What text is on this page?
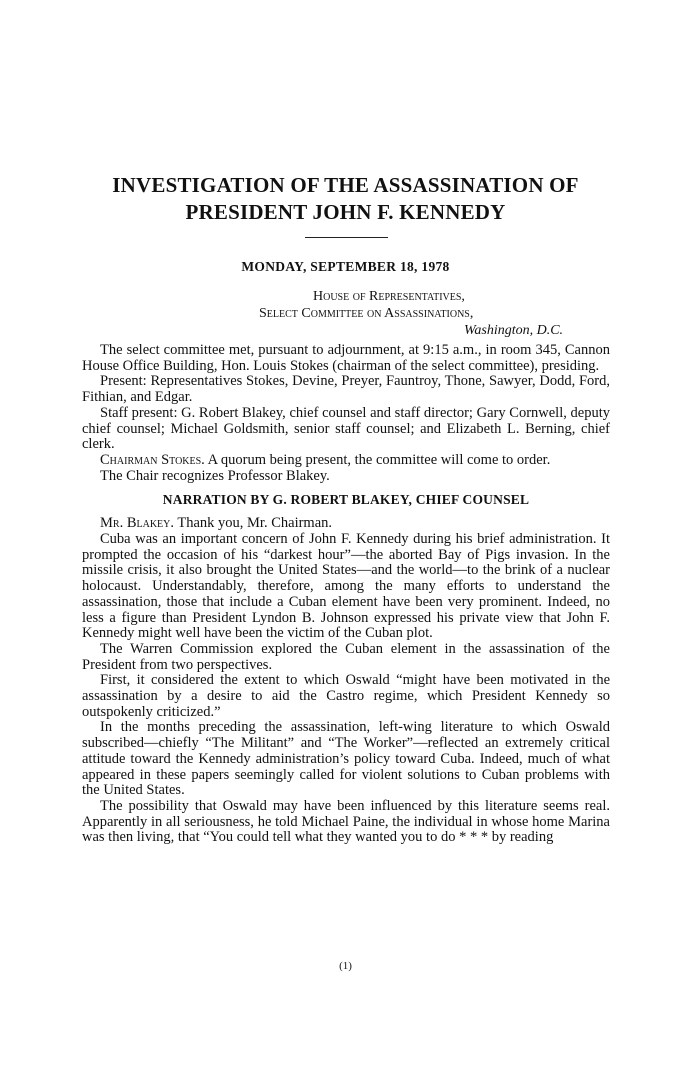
INVESTIGATION OF THE ASSASSINATION OF
PRESIDENT JOHN F. KENNEDY
MONDAY, SEPTEMBER 18, 1978
House of Representatives,
Select Committee on Assassinations,
Washington, D.C.

The select committee met, pursuant to adjournment, at 9:15 a.m., in room 345, Cannon House Office Building, Hon. Louis Stokes (chairman of the select committee), presiding.

Present: Representatives Stokes, Devine, Preyer, Fauntroy, Thone, Sawyer, Dodd, Ford, Fithian, and Edgar.

Staff present: G. Robert Blakey, chief counsel and staff director; Gary Cornwell, deputy chief counsel; Michael Goldsmith, senior staff counsel; and Elizabeth L. Berning, chief clerk.

Chairman Stokes. A quorum being present, the committee will come to order.

The Chair recognizes Professor Blakey.

NARRATION BY G. ROBERT BLAKEY, CHIEF COUNSEL

Mr. Blakey. Thank you, Mr. Chairman.

Cuba was an important concern of John F. Kennedy during his brief administration. It prompted the occasion of his “darkest hour”—the aborted Bay of Pigs invasion. In the missile crisis, it also brought the United States—and the world—to the brink of a nuclear holocaust. Understandably, therefore, among the many efforts to understand the assassination, those that include a Cuban element have been very prominent. Indeed, no less a figure than President Lyndon B. Johnson expressed his private view that John F. Kennedy might well have been the victim of the Cuban plot.

The Warren Commission explored the Cuban element in the assassination of the President from two perspectives.

First, it considered the extent to which Oswald “might have been motivated in the assassination by a desire to aid the Castro regime, which President Kennedy so outspokenly criticized.”

In the months preceding the assassination, left-wing literature to which Oswald subscribed—chiefly “The Militant” and “The Worker”—reflected an extremely critical attitude toward the Kennedy administration’s policy toward Cuba. Indeed, much of what appeared in these papers seemingly called for violent solutions to Cuban problems with the United States.

The possibility that Oswald may have been influenced by this literature seems real. Apparently in all seriousness, he told Michael Paine, the individual in whose home Marina was then living, that “You could tell what they wanted you to do * * * by reading

(1)
